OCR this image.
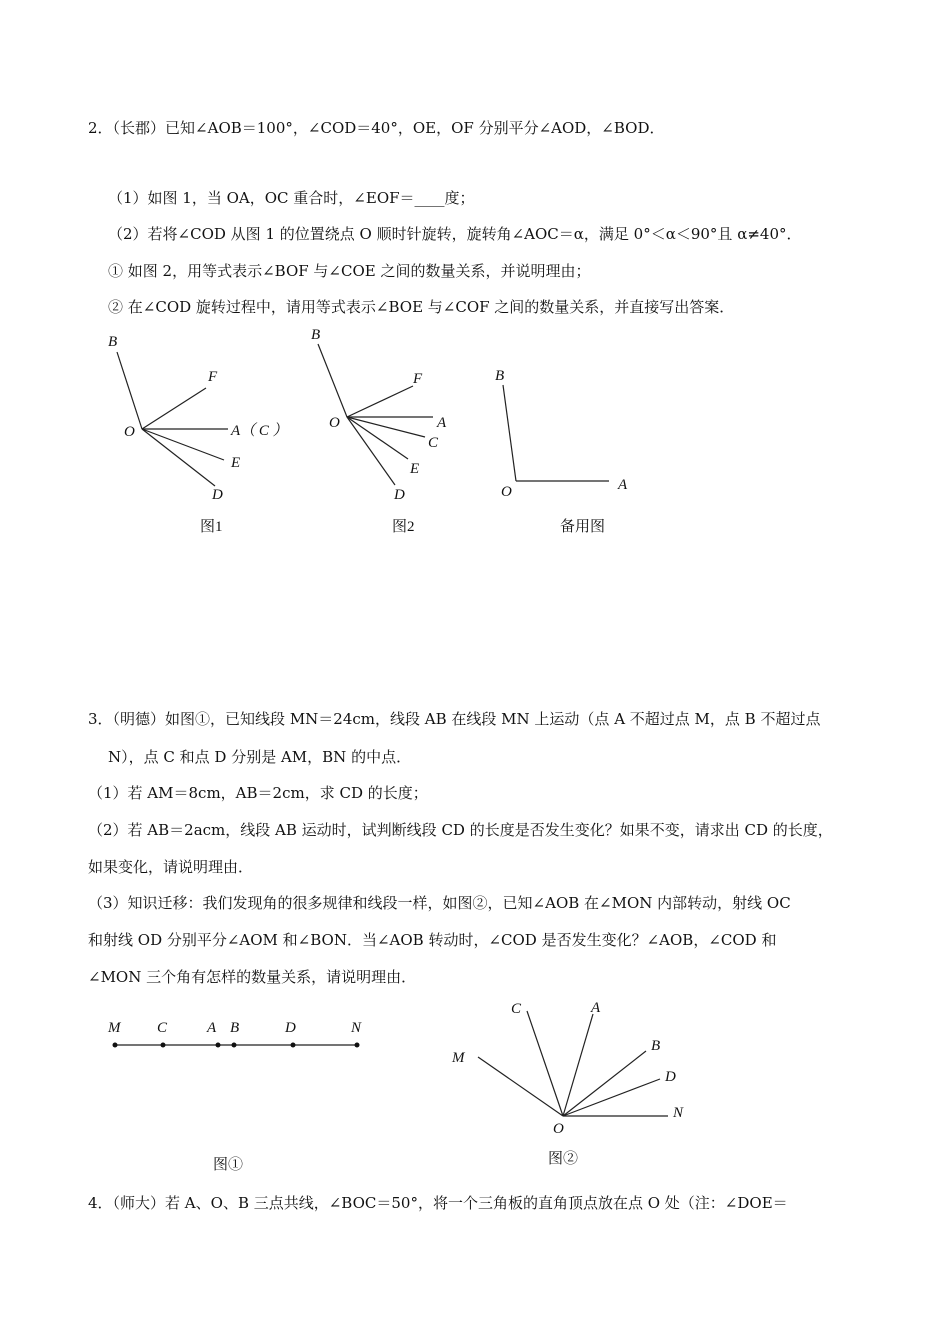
2．（长郡）已知∠AOB＝100°，∠COD＝40°，OE，OF 分别平分∠AOD，∠BOD．
（1）如图 1，当 OA，OC 重合时，∠EOF＝____度；
（2）若将∠COD 从图 1 的位置绕点 O 顺时针旋转，旋转角∠AOC＝α，满足 0°＜α＜90°且 α≠40°．
① 如图 2，用等式表示∠BOF 与∠COE 之间的数量关系，并说明理由；
② 在∠COD 旋转过程中，请用等式表示∠BOE 与∠COF 之间的数量关系，并直接写出答案．
B
F
O	A（ C ）
E
D
图1
B
F
O	A
C
E
D
图2
B
O	A
备用图
3．（明德）如图①，已知线段 MN＝24cm，线段 AB 在线段 MN 上运动（点 A 不超过点 M，点 B 不超过点
N），点 C 和点 D 分别是 AM，BN 的中点．
（1）若 AM＝8cm，AB＝2cm，求 CD 的长度；
（2）若 AB＝2acm，线段 AB 运动时，试判断线段 CD 的长度是否发生变化？如果不变，请求出 CD 的长度，
如果变化，请说明理由．
（3）知识迁移：我们发现角的很多规律和线段一样，如图②，已知∠AOB 在∠MON 内部转动，射线 OC
和射线 OD 分别平分∠AOM 和∠BON．当∠AOB 转动时，∠COD 是否发生变化？∠AOB，∠COD 和
∠MON 三个角有怎样的数量关系，请说明理由．
M C	A B	D	N
图①
C	A
M
B
D
N
O
图②
4．（师大）若 A、O、B 三点共线，∠BOC＝50°，将一个三角板的直角顶点放在点 O 处（注：∠DOE＝
